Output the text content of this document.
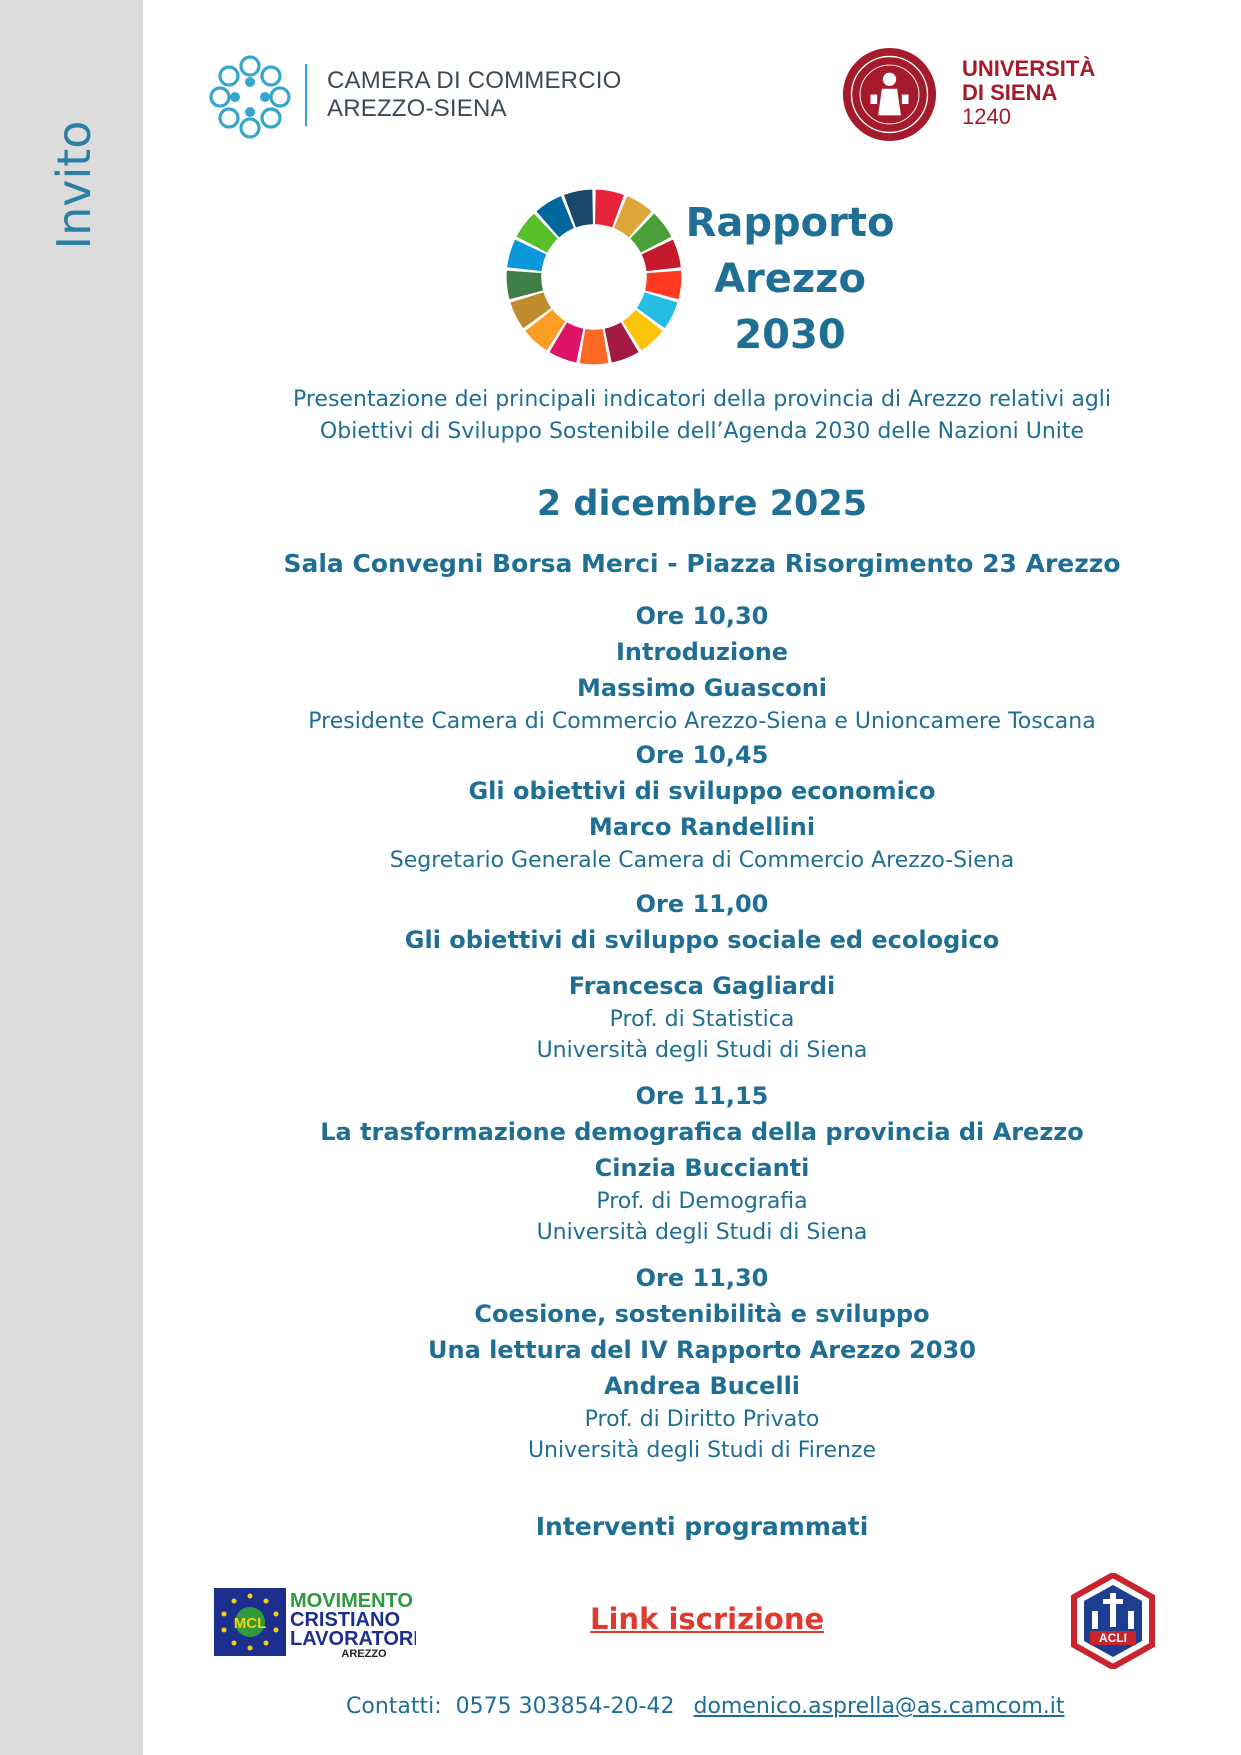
Invito
CAMERA DI COMMERCIO
AREZZO-SIENA
UNIVERSITÀ
DI SIENA
1240
Rapporto
Arezzo
2030
Presentazione dei principali indicatori della provincia di Arezzo relativi agli
Obiettivi di Sviluppo Sostenibile dell’Agenda 2030 delle Nazioni Unite
2 dicembre 2025
Sala Convegni Borsa Merci - Piazza Risorgimento 23 Arezzo
Ore 10,30
Introduzione
Massimo Guasconi
Presidente Camera di Commercio Arezzo-Siena e Unioncamere Toscana
Ore 10,45
Gli obiettivi di sviluppo economico
Marco Randellini
Segretario Generale Camera di Commercio Arezzo-Siena
Ore 11,00
Gli obiettivi di sviluppo sociale ed ecologico
Francesca Gagliardi
Prof. di Statistica
Università degli Studi di Siena
Ore 11,15
La trasformazione demografica della provincia di Arezzo
Cinzia Buccianti
Prof. di Demografia
Università degli Studi di Siena
Ore 11,30
Coesione, sostenibilità e sviluppo
Una lettura del IV Rapporto Arezzo 2030
Andrea Bucelli
Prof. di Diritto Privato
Università degli Studi di Firenze
Interventi programmati
MCL
MOVIMENTO
CRISTIANO
LAVORATORI
AREZZO
Link iscrizione
ACLI
Contatti: 0575 303854-20-42 domenico.asprella@as.camcom.it
